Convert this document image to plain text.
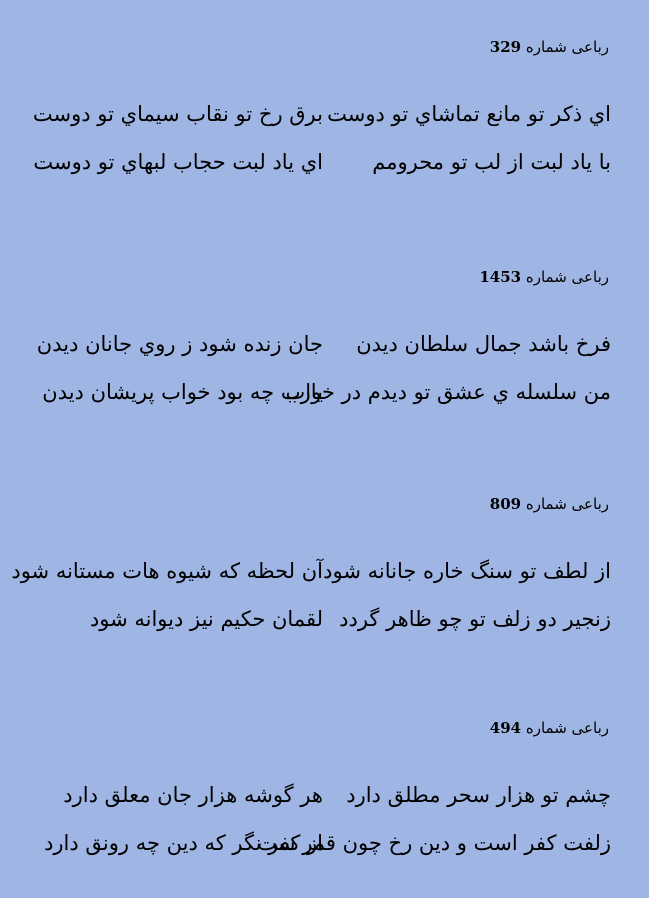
رباعی شماره 329
اي ذكر تو مانع تماشاي تو دوست
برق رخ تو نقاب سيماي تو دوست
با ياد لبت از لب تو محرومم
اي ياد لبت حجاب لبهاي تو دوست
رباعی شماره 1453
فرخ باشد جمال سلطان ديدن
جان زنده شود ز روي جانان ديدن
من سلسله ي عشق تو ديدم در خواب
يارب چه بود خواب پريشان ديدن
رباعی شماره 809
از لطف تو سنگ خاره جانانه شود
آن لحظه كه شيوه هات مستانه شود
زنجير دو زلف تو چو ظاهر گردد
لقمان حكيم نيز ديوانه شود
رباعی شماره 494
چشم تو هزار سحر مطلق دارد
هر گوشه هزار جان معلق دارد
زلفت كفر است و دين رخ چون قمر ست
از كفر نگر كه دين چه رونق دارد
